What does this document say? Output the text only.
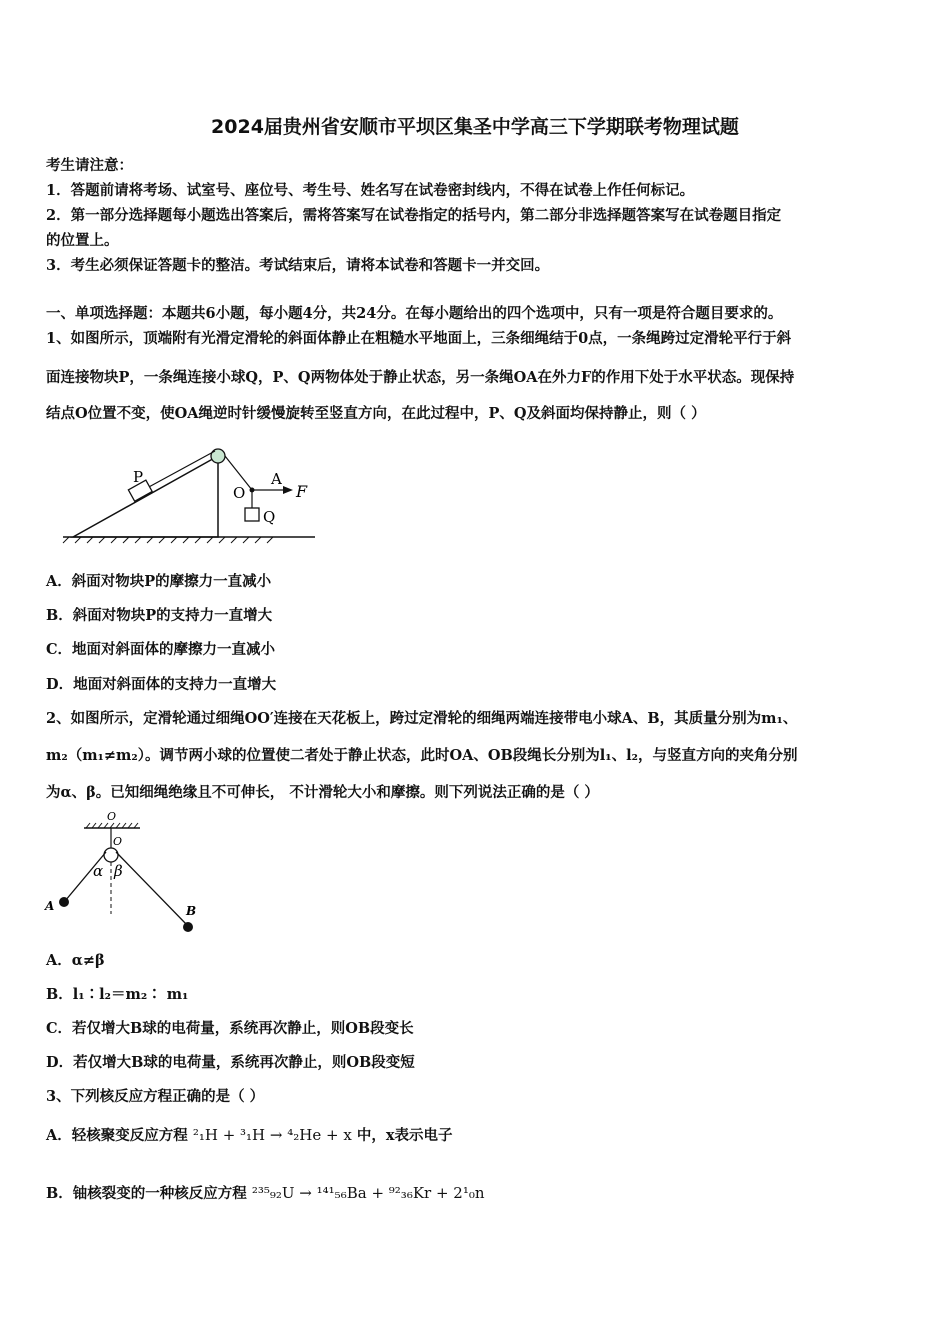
2024届贵州省安顺市平坝区集圣中学高三下学期联考物理试题
考生请注意：
1．答题前请将考场、试室号、座位号、考生号、姓名写在试卷密封线内，不得在试卷上作任何标记。
2．第一部分选择题每小题选出答案后，需将答案写在试卷指定的括号内，第二部分非选择题答案写在试卷题目指定
的位置上。
3．考生必须保证答题卡的整洁。考试结束后，请将本试卷和答题卡一并交回。
一、单项选择题：本题共6小题，每小题4分，共24分。在每小题给出的四个选项中，只有一项是符合题目要求的。
1、如图所示，顶端附有光滑定滑轮的斜面体静止在粗糙水平地面上，三条细绳结于0点，一条绳跨过定滑轮平行于斜
面连接物块P，一条绳连接小球Q，P、Q两物体处于静止状态，另一条绳OA在外力F的作用下处于水平状态。现保持
结点O位置不变，使OA绳逆时针缓慢旋转至竖直方向，在此过程中，P、Q及斜面均保持静止，则（ ）
P
O
A
F
Q
A．斜面对物块P的摩擦力一直减小
B．斜面对物块P的支持力一直增大
C．地面对斜面体的摩擦力一直减小
D．地面对斜面体的支持力一直增大
2、如图所示，定滑轮通过细绳OO′连接在天花板上，跨过定滑轮的细绳两端连接带电小球A、B，其质量分别为m₁、
m₂（m₁≠m₂）。调节两小球的位置使二者处于静止状态，此时OA、OB段绳长分别为l₁、l₂，与竖直方向的夹角分别
为α、β。已知细绳绝缘且不可伸长， 不计滑轮大小和摩擦。则下列说法正确的是（ ）
O
O
α β
A	B
A．α≠β
B．l₁∶l₂＝m₂∶ m₁
C．若仅增大B球的电荷量，系统再次静止，则OB段变长
D．若仅增大B球的电荷量，系统再次静止，则OB段变短
3、下列核反应方程正确的是（ ）
A．轻核聚变反应方程 ²₁H + ³₁H → ⁴₂He + x 中，x表示电子
B．铀核裂变的一种核反应方程 ²³⁵₉₂U → ¹⁴¹₅₆Ba + ⁹²₃₆Kr + 2¹₀n
